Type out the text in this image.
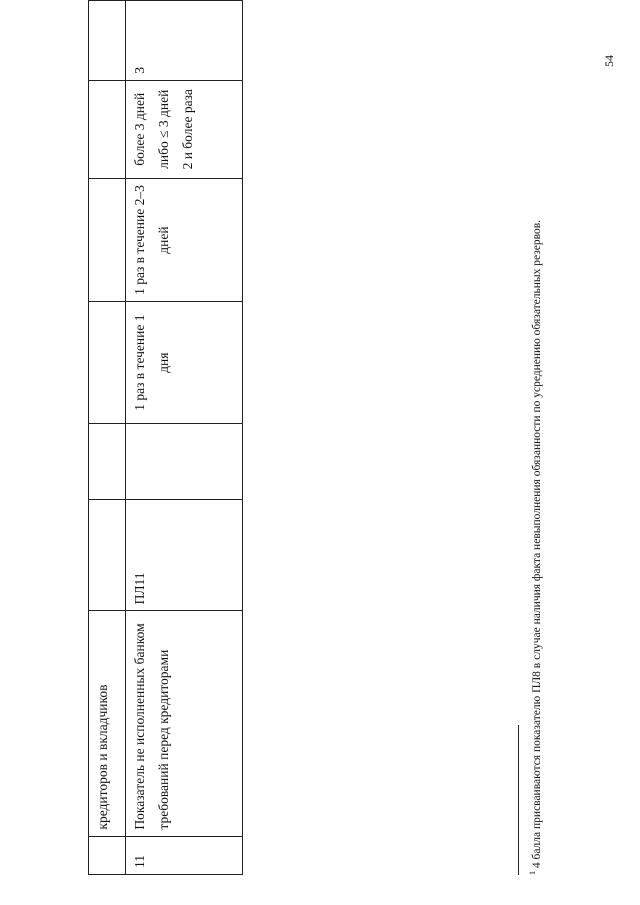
	кредиторов и вкладчиков						
11	Показатель не исполненных банком требований перед кредиторами	ПЛ11		1 раз в течение 1 дня	1 раз в течение 2–3 дней	более 3 дней либо ≤ 3 дней 2 и более раза	3
$^1$ 4 балла присваиваются показателю ПЛ8 в случае наличия факта невыполнения обязанности по усреднению обязательных резервов.
54
